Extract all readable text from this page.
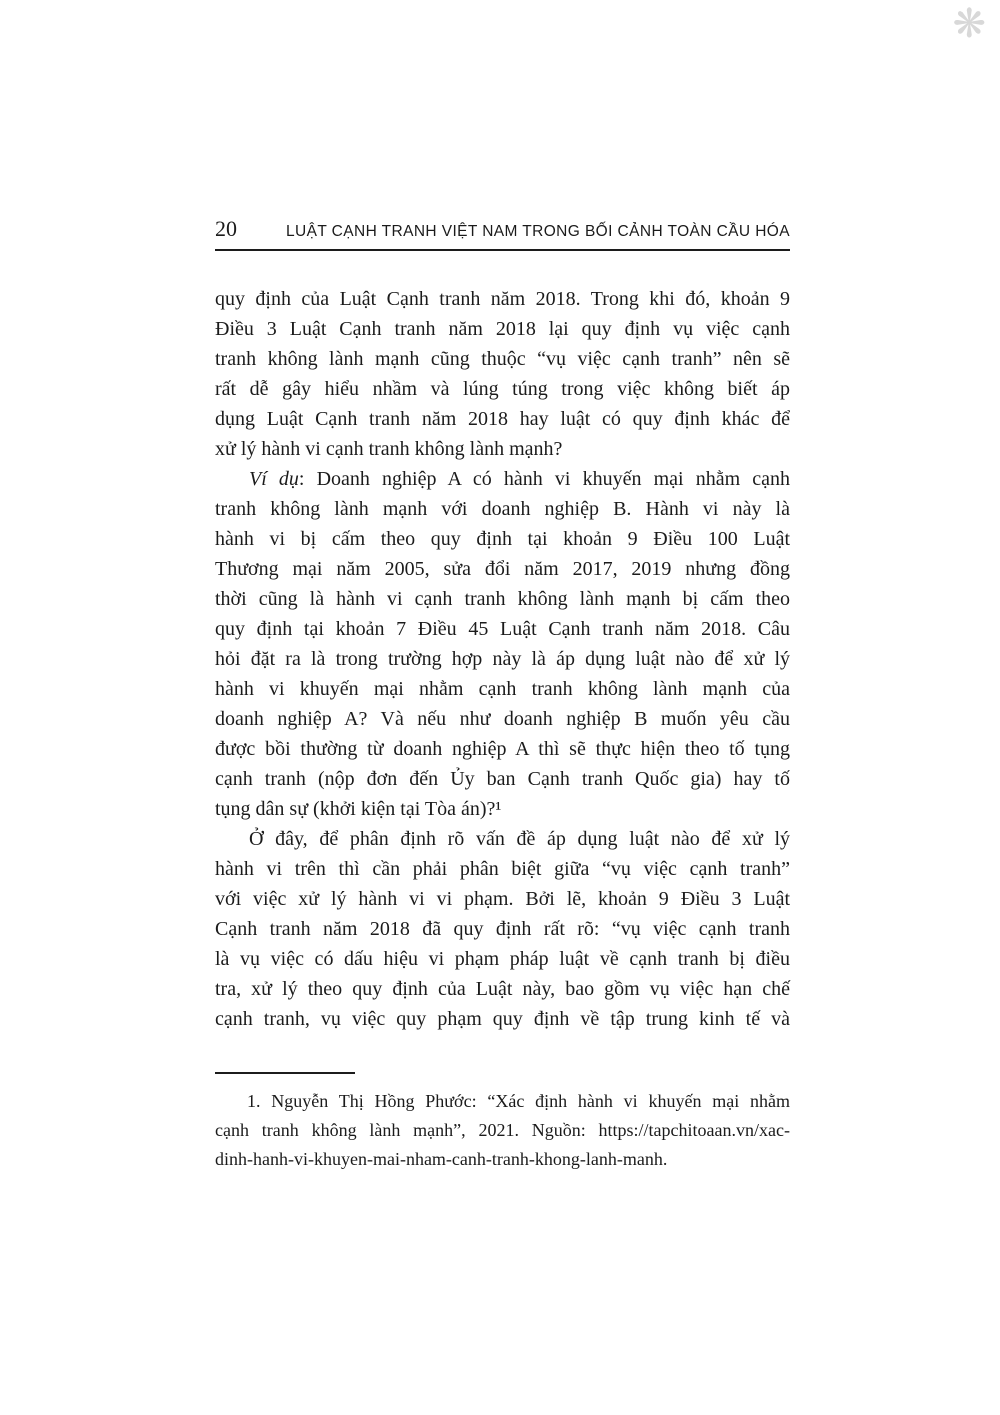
❋
20	LUẬT CẠNH TRANH VIỆT NAM TRONG BỐI CẢNH TOÀN CẦU HÓA
quy định của Luật Cạnh tranh năm 2018. Trong khi đó, khoản 9
Điều 3 Luật Cạnh tranh năm 2018 lại quy định vụ việc cạnh
tranh không lành mạnh cũng thuộc “vụ việc cạnh tranh” nên sẽ
rất dễ gây hiểu nhầm và lúng túng trong việc không biết áp
dụng Luật Cạnh tranh năm 2018 hay luật có quy định khác để
xử lý hành vi cạnh tranh không lành mạnh?
Ví dụ: Doanh nghiệp A có hành vi khuyến mại nhằm cạnh
tranh không lành mạnh với doanh nghiệp B. Hành vi này là
hành vi bị cấm theo quy định tại khoản 9 Điều 100 Luật
Thương mại năm 2005, sửa đổi năm 2017, 2019 nhưng đồng
thời cũng là hành vi cạnh tranh không lành mạnh bị cấm theo
quy định tại khoản 7 Điều 45 Luật Cạnh tranh năm 2018. Câu
hỏi đặt ra là trong trường hợp này là áp dụng luật nào để xử lý
hành vi khuyến mại nhằm cạnh tranh không lành mạnh của
doanh nghiệp A? Và nếu như doanh nghiệp B muốn yêu cầu
được bồi thường từ doanh nghiệp A thì sẽ thực hiện theo tố tụng
cạnh tranh (nộp đơn đến Ủy ban Cạnh tranh Quốc gia) hay tố
tụng dân sự (khởi kiện tại Tòa án)?¹
Ở đây, để phân định rõ vấn đề áp dụng luật nào để xử lý
hành vi trên thì cần phải phân biệt giữa “vụ việc cạnh tranh”
với việc xử lý hành vi vi phạm. Bởi lẽ, khoản 9 Điều 3 Luật
Cạnh tranh năm 2018 đã quy định rất rõ: “vụ việc cạnh tranh
là vụ việc có dấu hiệu vi phạm pháp luật về cạnh tranh bị điều
tra, xử lý theo quy định của Luật này, bao gồm vụ việc hạn chế
cạnh tranh, vụ việc quy phạm quy định về tập trung kinh tế và
1. Nguyễn Thị Hồng Phước: “Xác định hành vi khuyến mại nhằm
cạnh tranh không lành mạnh”, 2021. Nguồn: https://tapchitoaan.vn/xac-
dinh-hanh-vi-khuyen-mai-nham-canh-tranh-khong-lanh-manh.
